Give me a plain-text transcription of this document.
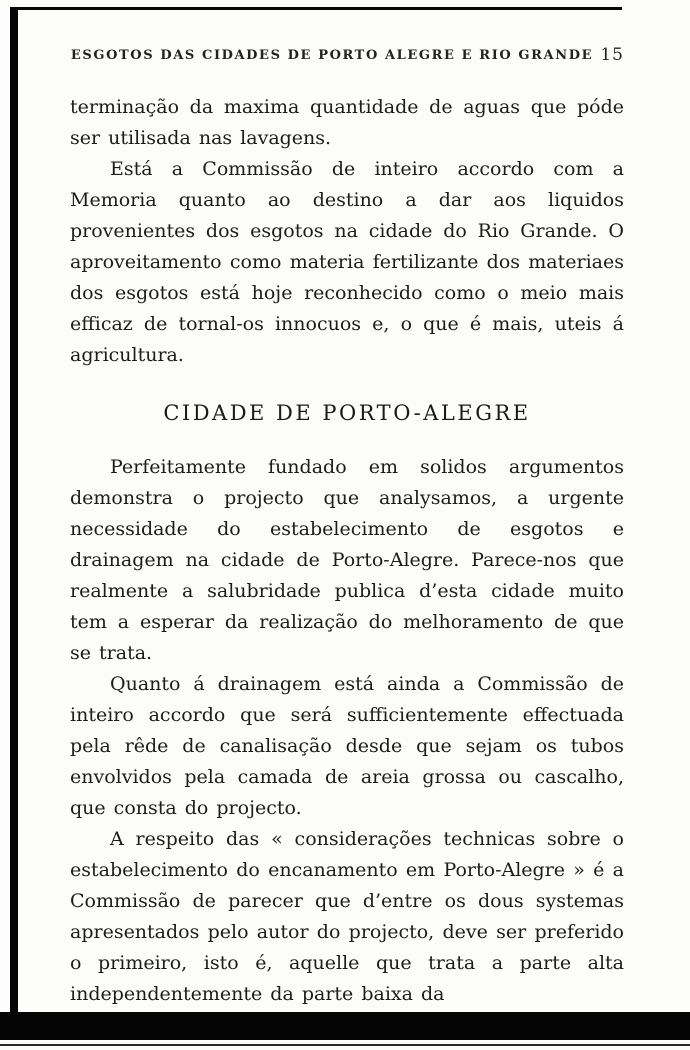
ESGOTOS DAS CIDADES DE PORTO ALEGRE E RIO GRANDE 15

terminação da maxima quantidade de aguas que póde ser utilisada nas lavagens.

Está a Commissão de inteiro accordo com a Memoria quanto ao destino a dar aos liquidos provenientes dos esgotos na cidade do Rio Grande. O aproveitamento como materia fertilizante dos materiaes dos esgotos está hoje reconhecido como o meio mais efficaz de tornal-os innocuos e, o que é mais, uteis á agricultura.

CIDADE DE PORTO-ALEGRE

Perfeitamente fundado em solidos argumentos demonstra o projecto que analysamos, a urgente necessidade do estabelecimento de esgotos e drainagem na cidade de Porto-Alegre. Parece-nos que realmente a salubridade publica d’esta cidade muito tem a esperar da realização do melhoramento de que se trata.

Quanto á drainagem está ainda a Commissão de inteiro accordo que será sufficientemente effectuada pela rêde de canalisação desde que sejam os tubos envolvidos pela camada de areia grossa ou cascalho, que consta do projecto.

A respeito das « considerações technicas sobre o estabelecimento do encanamento em Porto-Alegre » é a Commissão de parecer que d’entre os dous systemas apresentados pelo autor do projecto, deve ser preferido o primeiro, isto é, aquelle que trata a parte alta independentemente da parte baixa da
